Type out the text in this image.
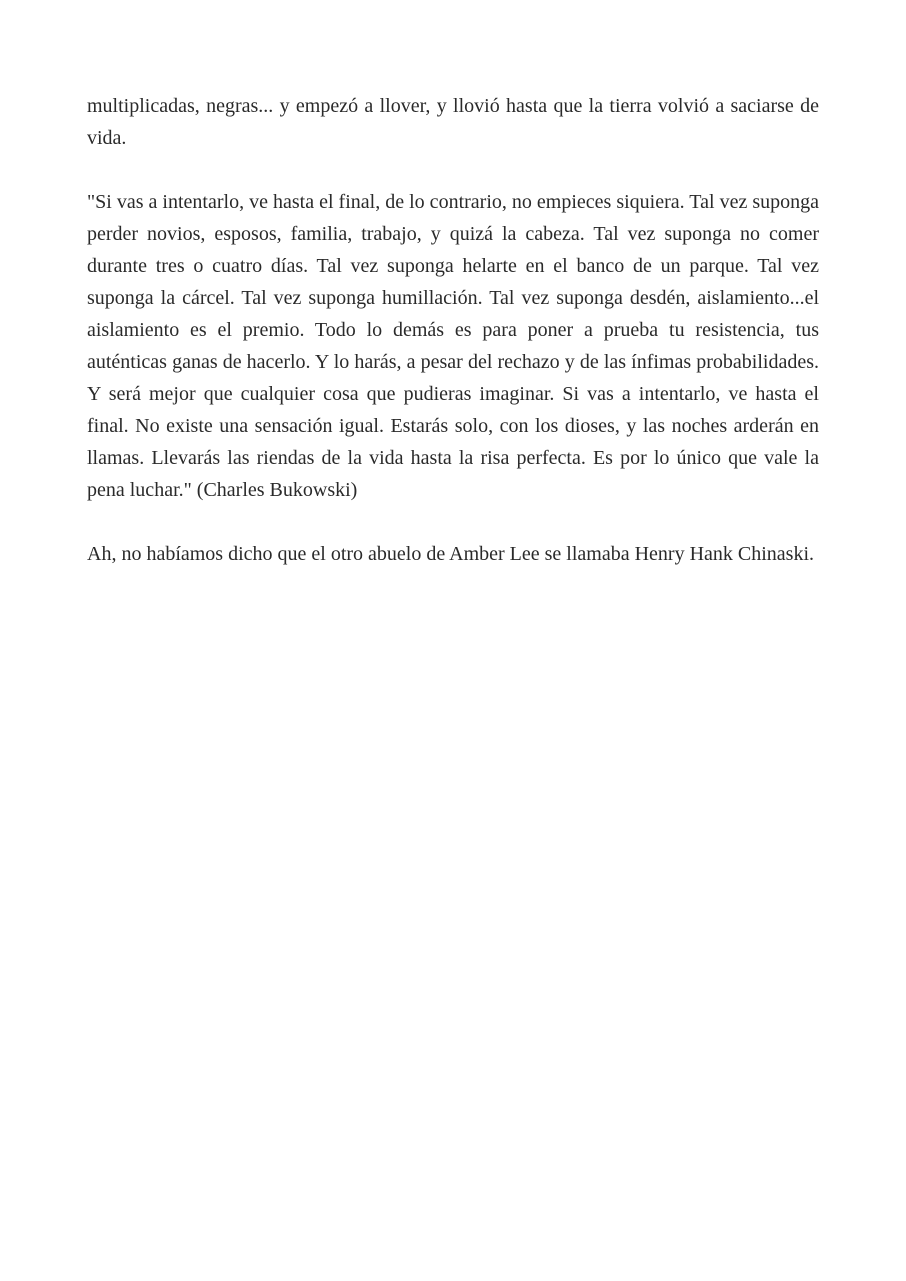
multiplicadas, negras... y empezó a llover, y llovió hasta que la tierra volvió a saciarse de vida.

"Si vas a intentarlo, ve hasta el final, de lo contrario, no empieces siquiera. Tal vez suponga perder novios, esposos, familia, trabajo, y quizá la cabeza. Tal vez suponga no comer durante tres o cuatro días. Tal vez suponga helarte en el banco de un parque. Tal vez suponga la cárcel. Tal vez suponga humillación. Tal vez suponga desdén, aislamiento...el aislamiento es el premio. Todo lo demás es para poner a prueba tu resistencia, tus auténticas ganas de hacerlo. Y lo harás, a pesar del rechazo y de las ínfimas probabilidades. Y será mejor que cualquier cosa que pudieras imaginar. Si vas a intentarlo, ve hasta el final. No existe una sensación igual. Estarás solo, con los dioses, y las noches arderán en llamas. Llevarás las riendas de la vida hasta la risa perfecta. Es por lo único que vale la pena luchar." (Charles Bukowski)

Ah, no habíamos dicho que el otro abuelo de Amber Lee se llamaba Henry Hank Chinaski.
